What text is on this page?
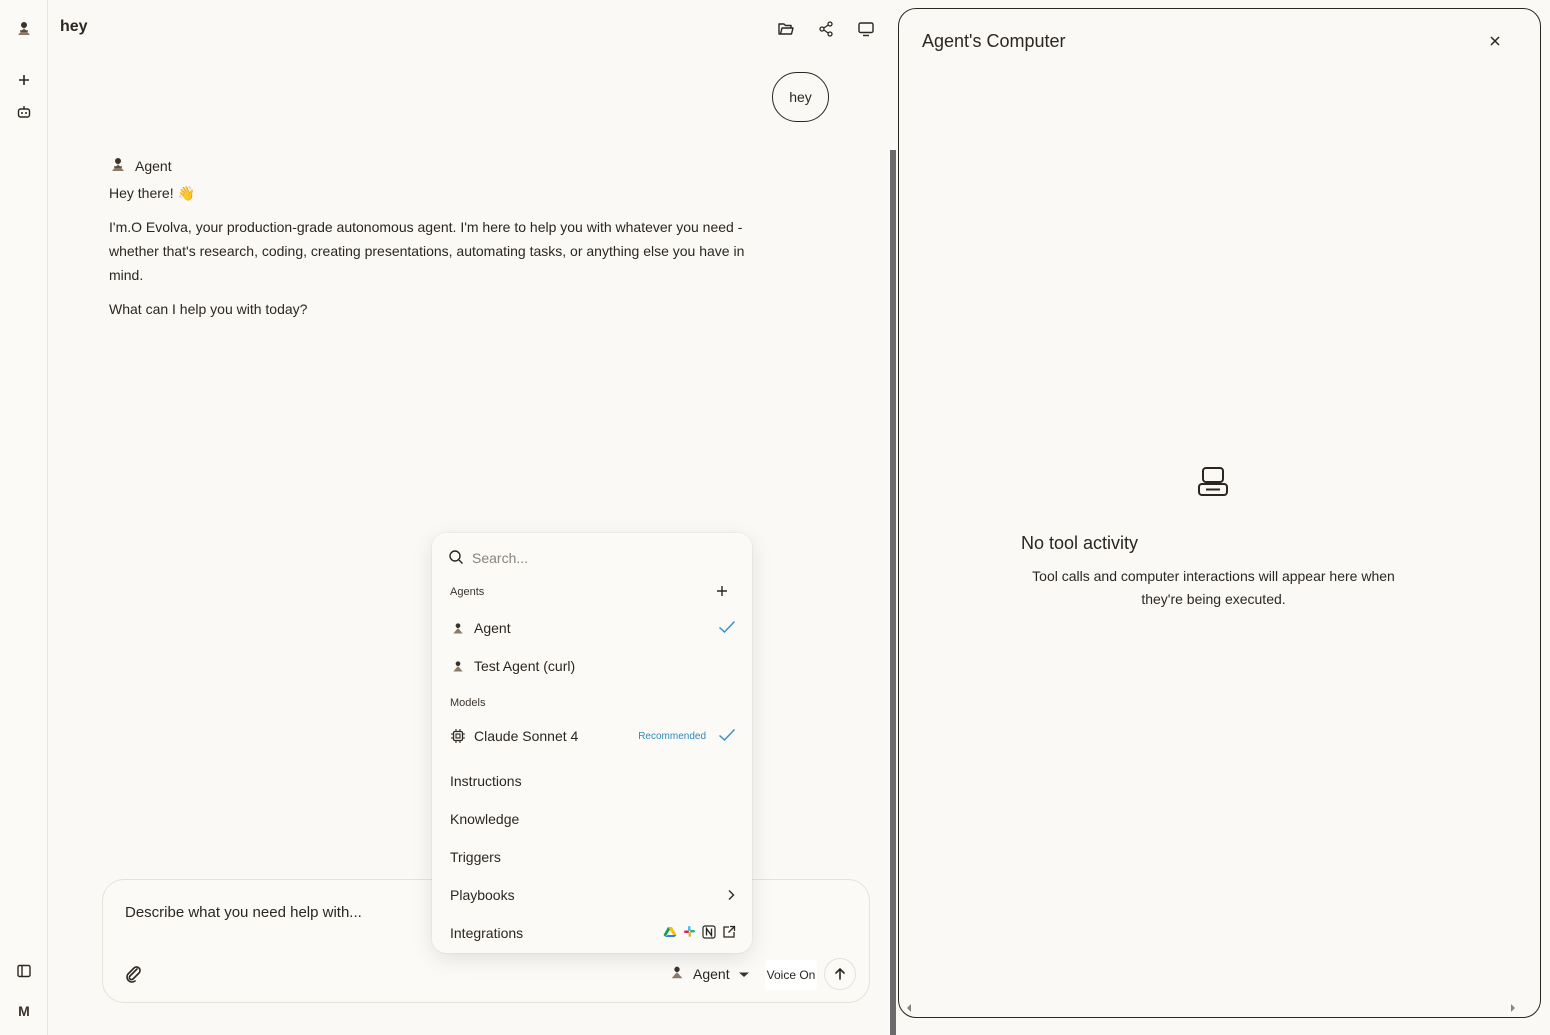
M
hey
hey
Agent
Hey there! 👋
I'm.O Evolva, your production-grade autonomous agent. I'm here to help you with whatever you need - whether that's research, coding, creating presentations, automating tasks, or anything else you have in mind.
What can I help you with today?
Describe what you need help with...
Agent	Voice On
Search...
Agents
Agent
Test Agent (curl)
Models
Claude Sonnet 4	Recommended
Instructions
Knowledge
Triggers
Playbooks
Integrations
Agent's Computer
No tool activity
Tool calls and computer interactions will appear here when they're being executed.
